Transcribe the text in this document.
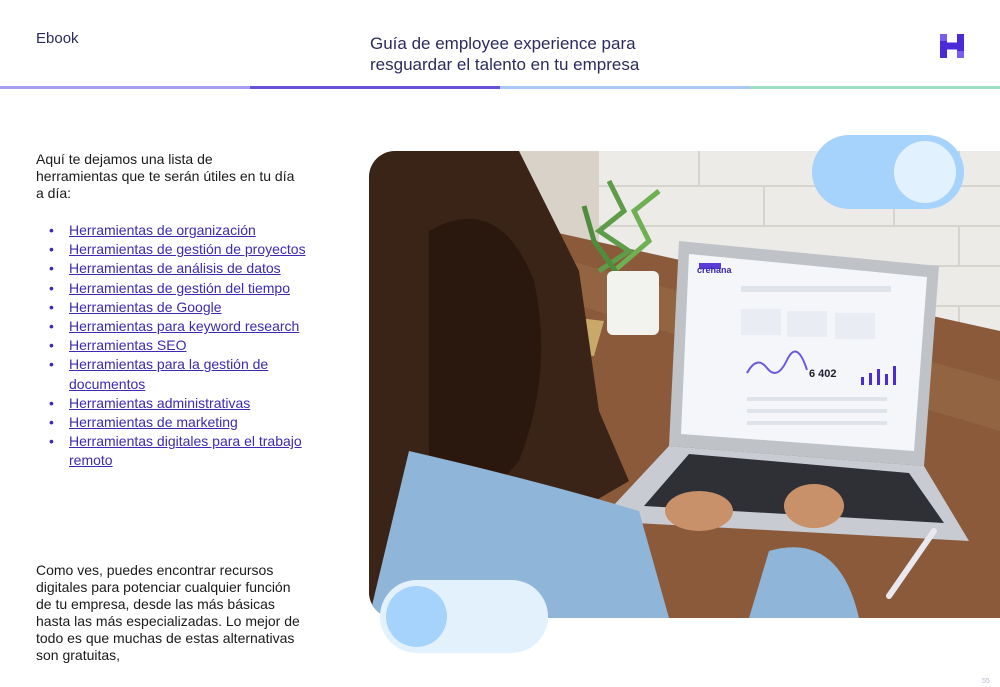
Ebook	Guía de employee experience para
resguardar el talento en tu empresa

Aquí te dejamos una lista de herramientas que te serán útiles en tu día a día:

• Herramientas de organización
• Herramientas de gestión de proyectos
• Herramientas de análisis de datos
• Herramientas de gestión del tiempo
• Herramientas de Google
• Herramientas para keyword research
• Herramientas SEO
• Herramientas para la gestión de documentos
• Herramientas administrativas
• Herramientas de marketing
• Herramientas digitales para el trabajo remoto

Como ves, puedes encontrar recursos digitales para potenciar cualquier función de tu empresa, desde las más básicas hasta las más especializadas. Lo mejor de todo es que muchas de estas alternativas son gratuitas,

crehana
6 402
55
